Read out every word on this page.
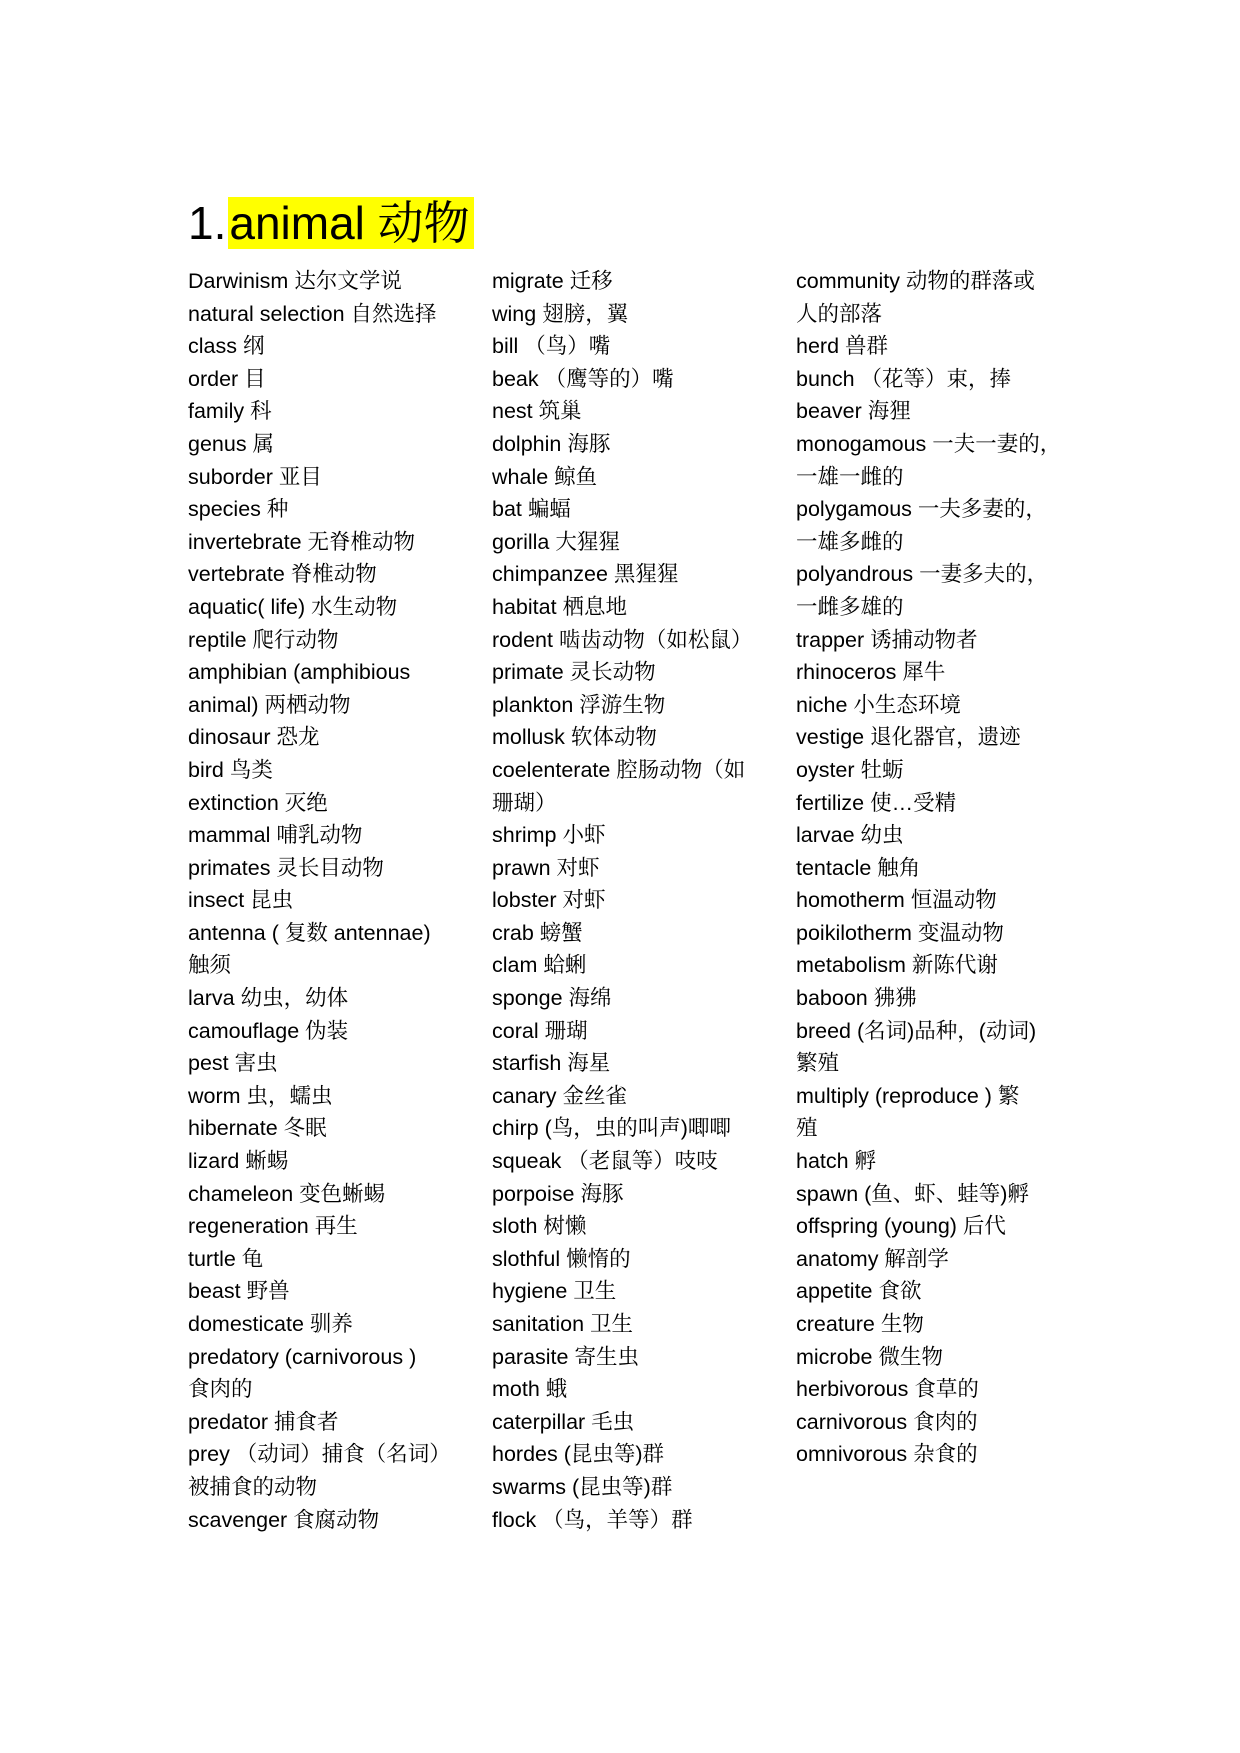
1.animal 动物
Darwinism 达尔文学说
natural selection 自然选择
class 纲
order 目
family 科
genus 属
suborder 亚目
species 种
invertebrate 无脊椎动物
vertebrate 脊椎动物
aquatic( life) 水生动物
reptile 爬行动物
amphibian (amphibious
animal) 两栖动物
dinosaur 恐龙
bird 鸟类
extinction 灭绝
mammal 哺乳动物
primates 灵长目动物
insect 昆虫
antenna ( 复数 antennae)
触须
larva 幼虫，幼体
camouflage 伪装
pest 害虫
worm 虫，蠕虫
hibernate 冬眠
lizard 蜥蜴
chameleon 变色蜥蜴
regeneration 再生
turtle 龟
beast 野兽
domesticate 驯养
predatory (carnivorous )
食肉的
predator 捕食者
prey （动词）捕食（名词）
被捕食的动物
scavenger 食腐动物
migrate 迁移
wing 翅膀，翼
bill （鸟）嘴
beak （鹰等的）嘴
nest 筑巢
dolphin 海豚
whale 鲸鱼
bat 蝙蝠
gorilla 大猩猩
chimpanzee 黑猩猩
habitat 栖息地
rodent 啮齿动物（如松鼠）
primate 灵长动物
plankton 浮游生物
mollusk 软体动物
coelenterate 腔肠动物（如
珊瑚）
shrimp 小虾
prawn 对虾
lobster 对虾
crab 螃蟹
clam 蛤蜊
sponge 海绵
coral 珊瑚
starfish 海星
canary 金丝雀
chirp (鸟，虫的叫声)唧唧
squeak （老鼠等）吱吱
porpoise 海豚
sloth 树懒
slothful 懒惰的
hygiene 卫生
sanitation 卫生
parasite 寄生虫
moth 蛾
caterpillar 毛虫
hordes (昆虫等)群
swarms (昆虫等)群
flock （鸟，羊等）群
community 动物的群落或
人的部落
herd 兽群
bunch （花等）束，捧
beaver 海狸
monogamous 一夫一妻的，
一雄一雌的
polygamous 一夫多妻的，
一雄多雌的
polyandrous 一妻多夫的，
一雌多雄的
trapper 诱捕动物者
rhinoceros 犀牛
niche 小生态环境
vestige 退化器官，遗迹
oyster 牡蛎
fertilize 使…受精
larvae 幼虫
tentacle 触角
homotherm 恒温动物
poikilotherm 变温动物
metabolism 新陈代谢
baboon 狒狒
breed (名词)品种，(动词)
繁殖
multiply (reproduce ) 繁
殖
hatch 孵
spawn (鱼、虾、蛙等)孵
offspring (young) 后代
anatomy 解剖学
appetite 食欲
creature 生物
microbe 微生物
herbivorous 食草的
carnivorous 食肉的
omnivorous 杂食的
